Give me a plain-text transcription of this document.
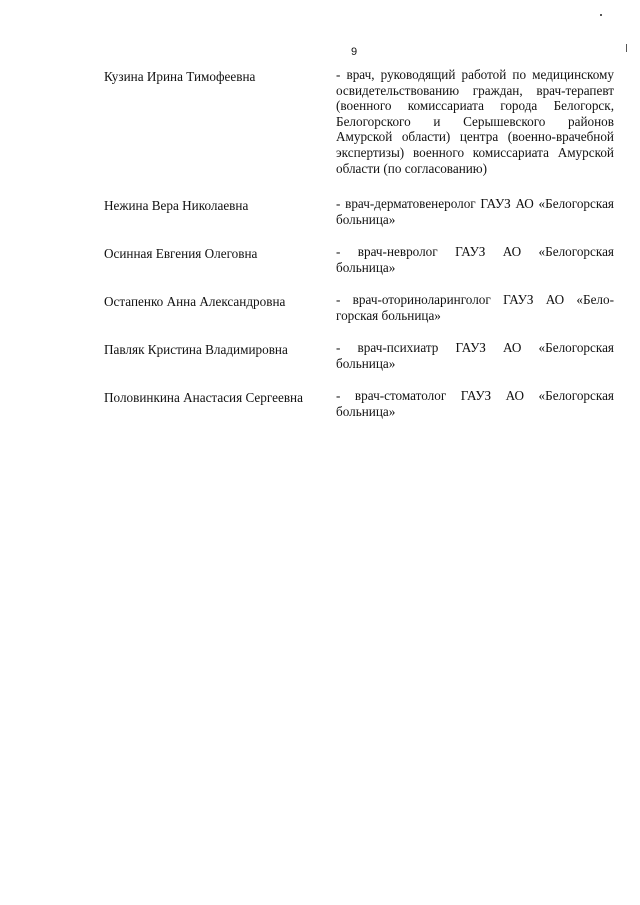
9
Кузина Ирина Тимофеевна	- врач, руководящий работой по медицинскому освидетельствованию граждан, врач-терапевт (военного комиссариата города Белогорск, Белогорского и Серышевского районов Амурской области) центра (военно-врачебной экспертизы) военного комиссариата Амурской области (по согласованию)
Нежина Вера Николаевна	- врач-дерматовенеролог ГАУЗ АО «Белогорская больница»
Осинная Евгения Олеговна	- врач-невролог ГАУЗ АО «Белогорская больница»
Остапенко Анна Александровна	- врач-оториноларинголог ГАУЗ АО «Белогорская больница»
Павляк Кристина Владимировна	- врач-психиатр ГАУЗ АО «Белогорская больница»
Половинкина Анастасия Сергеевна	- врач-стоматолог ГАУЗ АО «Белогорская больница»
